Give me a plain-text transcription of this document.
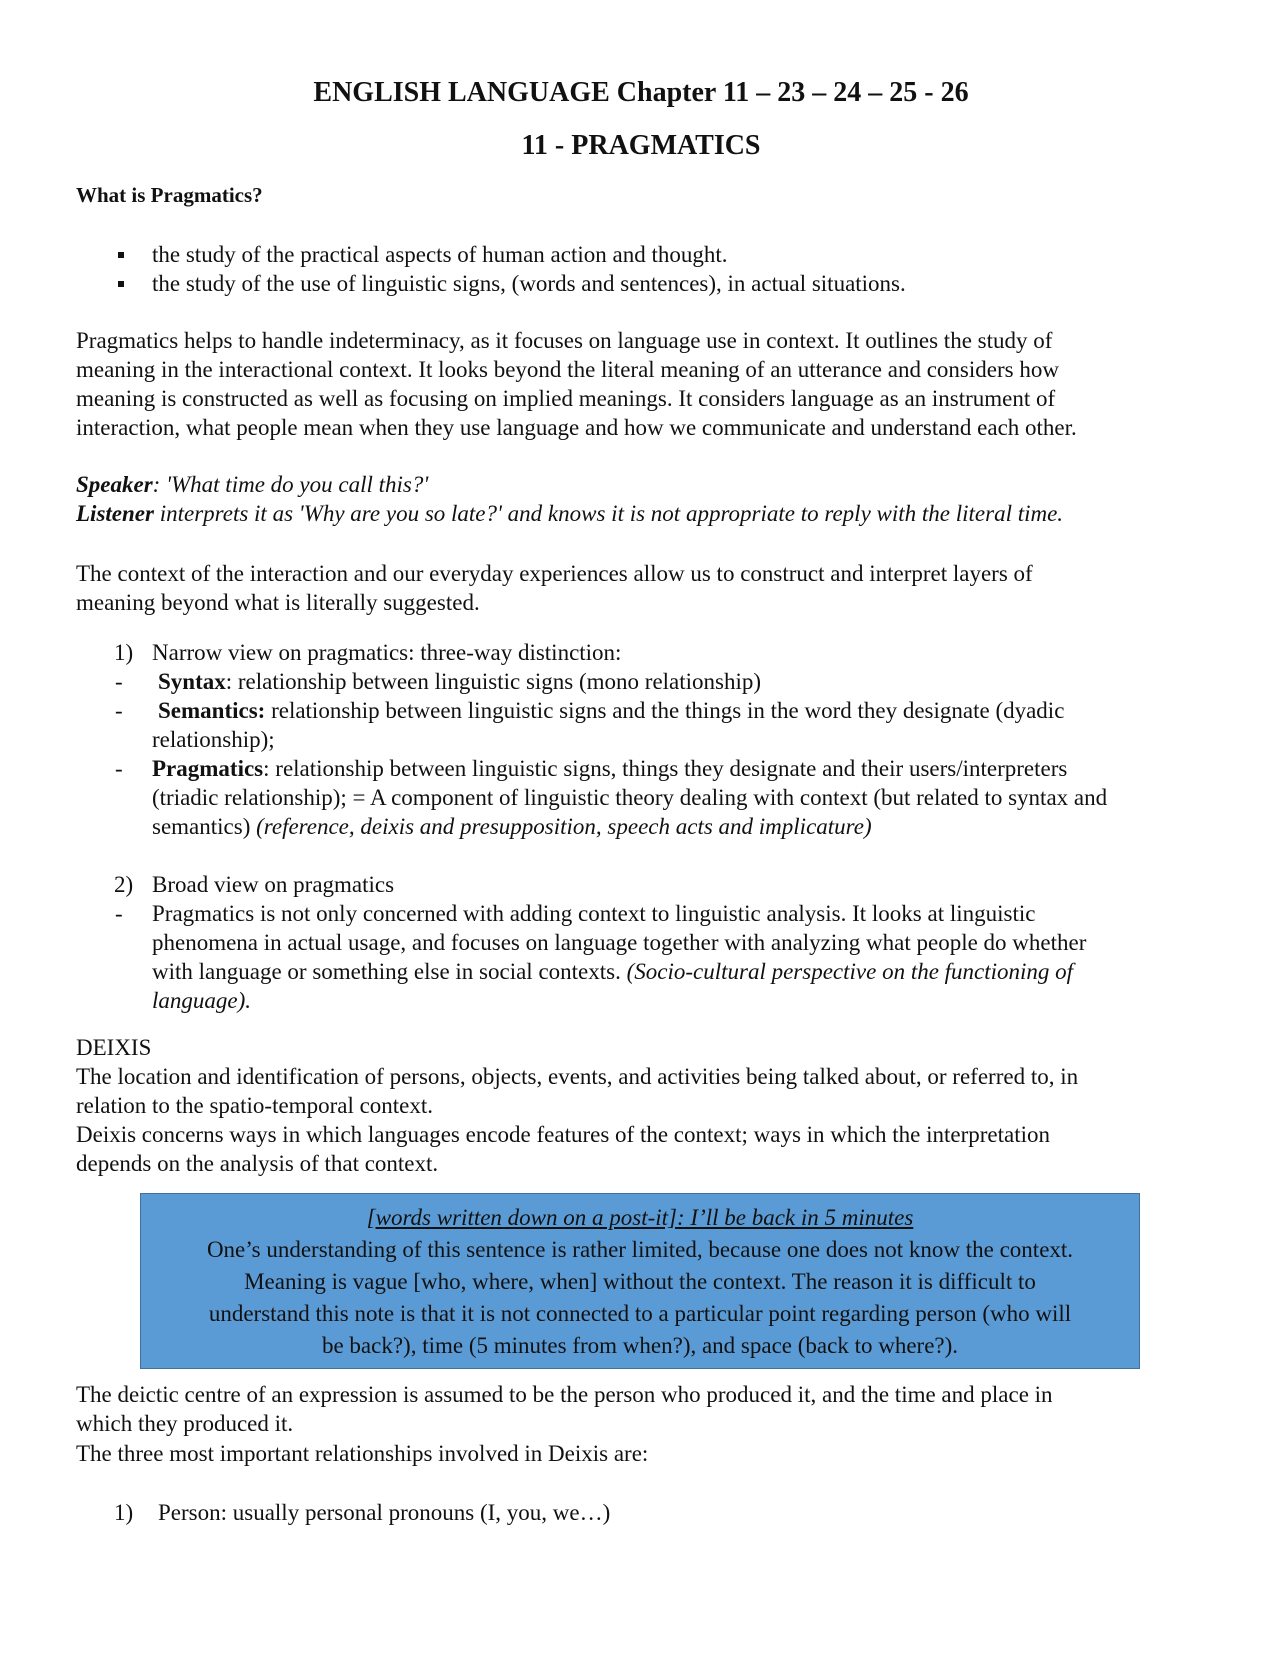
ENGLISH LANGUAGE Chapter 11 – 23 – 24 – 25 - 26
11 - PRAGMATICS
What is Pragmatics?
the study of the practical aspects of human action and thought.
the study of the use of linguistic signs, (words and sentences), in actual situations.
Pragmatics helps to handle indeterminacy, as it focuses on language use in context. It outlines the study of
meaning in the interactional context. It looks beyond the literal meaning of an utterance and considers how
meaning is constructed as well as focusing on implied meanings. It considers language as an instrument of
interaction, what people mean when they use language and how we communicate and understand each other.
Speaker: 'What time do you call this?'
Listener interprets it as 'Why are you so late?' and knows it is not appropriate to reply with the literal time.
The context of the interaction and our everyday experiences allow us to construct and interpret layers of
meaning beyond what is literally suggested.
1) Narrow view on pragmatics: three-way distinction:
- Syntax: relationship between linguistic signs (mono relationship)
- Semantics: relationship between linguistic signs and the things in the word they designate (dyadic
relationship);
- Pragmatics: relationship between linguistic signs, things they designate and their users/interpreters
(triadic relationship); = A component of linguistic theory dealing with context (but related to syntax and
semantics) (reference, deixis and presupposition, speech acts and implicature)
2) Broad view on pragmatics
- Pragmatics is not only concerned with adding context to linguistic analysis. It looks at linguistic
phenomena in actual usage, and focuses on language together with analyzing what people do whether
with language or something else in social contexts. (Socio-cultural perspective on the functioning of
language).
DEIXIS
The location and identification of persons, objects, events, and activities being talked about, or referred to, in
relation to the spatio-temporal context.
Deixis concerns ways in which languages encode features of the context; ways in which the interpretation
depends on the analysis of that context.
[words written down on a post-it]: I’ll be back in 5 minutes
One’s understanding of this sentence is rather limited, because one does not know the context.
Meaning is vague [who, where, when] without the context. The reason it is difficult to
understand this note is that it is not connected to a particular point regarding person (who will
be back?), time (5 minutes from when?), and space (back to where?).
The deictic centre of an expression is assumed to be the person who produced it, and the time and place in
which they produced it.
The three most important relationships involved in Deixis are:
1) Person: usually personal pronouns (I, you, we…)
